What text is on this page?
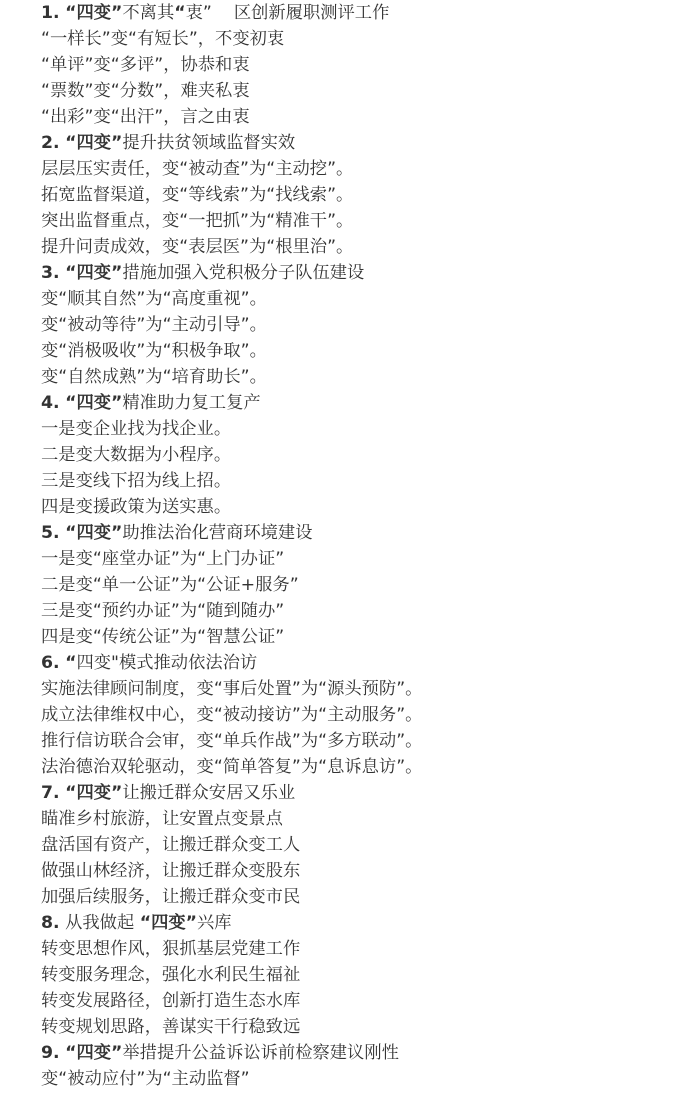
1. “四变”不离其“衷” 区创新履职测评工作
“一样长”变“有短长”，不变初衷
“单评”变“多评”，协恭和衷
“票数”变“分数”，难夹私衷
“出彩”变“出汗”，言之由衷
2. “四变”提升扶贫领域监督实效
层层压实责任，变“被动查”为“主动挖”。
拓宽监督渠道，变“等线索”为“找线索”。
突出监督重点，变“一把抓”为“精准干”。
提升问责成效，变“表层医”为“根里治”。
3. “四变”措施加强入党积极分子队伍建设
变“顺其自然”为“高度重视”。
变“被动等待”为“主动引导”。
变“消极吸收”为“积极争取”。
变“自然成熟”为“培育助长”。
4. “四变”精准助力复工复产
一是变企业找为找企业。
二是变大数据为小程序。
三是变线下招为线上招。
四是变援政策为送实惠。
5. “四变”助推法治化营商环境建设
一是变“座堂办证”为“上门办证”
二是变“单一公证”为“公证+服务”
三是变“预约办证”为“随到随办”
四是变“传统公证”为“智慧公证”
6. “四变"模式推动依法治访
实施法律顾问制度，变“事后处置”为“源头预防”。
成立法律维权中心，变“被动接访”为“主动服务”。
推行信访联合会审，变“单兵作战”为“多方联动”。
法治德治双轮驱动，变“简单答复”为“息诉息访”。
7. “四变”让搬迁群众安居又乐业
瞄准乡村旅游，让安置点变景点
盘活国有资产，让搬迁群众变工人
做强山林经济，让搬迁群众变股东
加强后续服务，让搬迁群众变市民
8. 从我做起 “四变”兴库
转变思想作风，狠抓基层党建工作
转变服务理念，强化水利民生福祉
转变发展路径，创新打造生态水库
转变规划思路，善谋实干行稳致远
9. “四变”举措提升公益诉讼诉前检察建议刚性
变“被动应付”为“主动监督”
